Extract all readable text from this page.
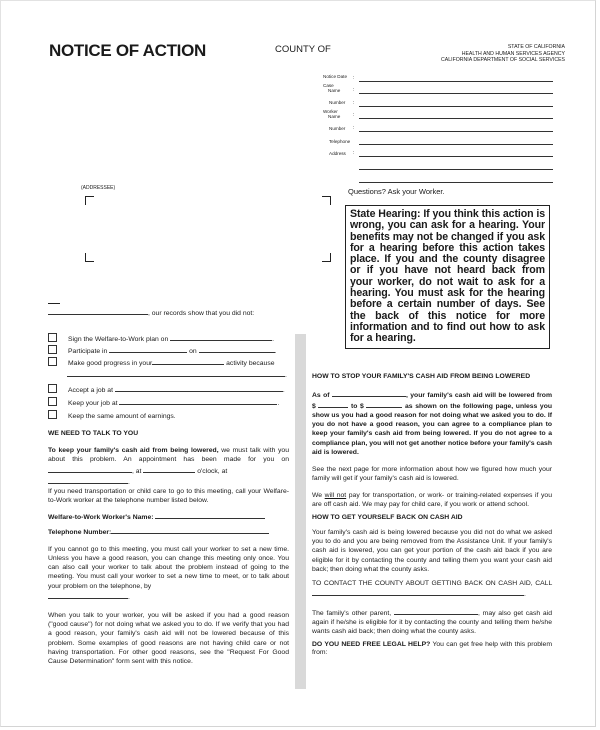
NOTICE OF ACTION	COUNTY OF	STATE OF CALIFORNIA
HEALTH AND HUMAN SERVICES AGENCY
CALIFORNIA DEPARTMENT OF SOCIAL SERVICES
Notice Date :
Case
Name	:
Number :
Worker
Name	:
Number :
Telephone
Address :
(ADDRESSEE)	Questions? Ask your Worker.
State Hearing: If you think this action is wrong, you can ask for a hearing. Your benefits may not be changed if you ask for a hearing before this action takes place. If you and the county disagree or if you have not heard back from your worker, do not wait to ask for a hearing. You must ask for the hearing before a certain number of days. See the back of this notice for more information and to find out how to ask for a hearing.
, our records show that you did not:
Sign the Welfare-to-Work plan on	.
Participate in	on	.
Make good progress in your	activity because
.
Accept a job at	.
Keep your job at	.
Keep the same amount of earnings.

WE NEED TO TALK TO YOU

To keep your family's cash aid from being lowered, we must talk with you about this problem. An appointment has been made for you on , at	o'clock, at
.

If you need transportation or child care to go to this meeting, call your Welfare-to-Work worker at the telephone number listed below.

Welfare-to-Work Worker's Name:

Telephone Number:

If you cannot go to this meeting, you must call your worker to set a new time. Unless you have a good reason, you can change this meeting only once. You can also call your worker to talk about the problem instead of going to the meeting. You must call your worker to set a new time to meet, or to talk about your problem on the telephone, by
.

When you talk to your worker, you will be asked if you had a good reason ("good cause") for not doing what we asked you to do. If we verify that you had a good reason, your family's cash aid will not be lowered because of this problem. Some examples of good reasons are not having child care or not having transportation. For other good reasons, see the "Request For Good Cause Determination" form sent with this notice.

HOW TO STOP YOUR FAMILY'S CASH AID FROM BEING LOWERED

As of	, your family's cash aid will be lowered from $	to $	as shown on the following page, unless you show us you had a good reason for not doing what we asked you to do. If you do not have a good reason, you can agree to a compliance plan to keep your family's cash aid from being lowered. If you do not agree to a compliance plan, you will not get another notice before your family's cash aid is lowered.

See the next page for more information about how we figured how much your family will get if your family's cash aid is lowered.

We will not pay for transportation, or work- or training-related expenses if you are off cash aid. We may pay for child care, if you work or attend school.

HOW TO GET YOURSELF BACK ON CASH AID

Your family's cash aid is being lowered because you did not do what we asked you to do and you are being removed from the Assistance Unit. If your family's cash aid is lowered, you can get your portion of the cash aid back if you are eligible for it by contacting the county and telling them you want your cash aid back; then doing what the county asks.

TO CONTACT THE COUNTY ABOUT GETTING BACK ON CASH AID, CALL .

The family's other parent,	, may also get cash aid again if he/she is eligible for it by contacting the county and telling them he/she wants cash aid back; then doing what the county asks.

DO YOU NEED FREE LEGAL HELP? You can get free help with this problem from:
